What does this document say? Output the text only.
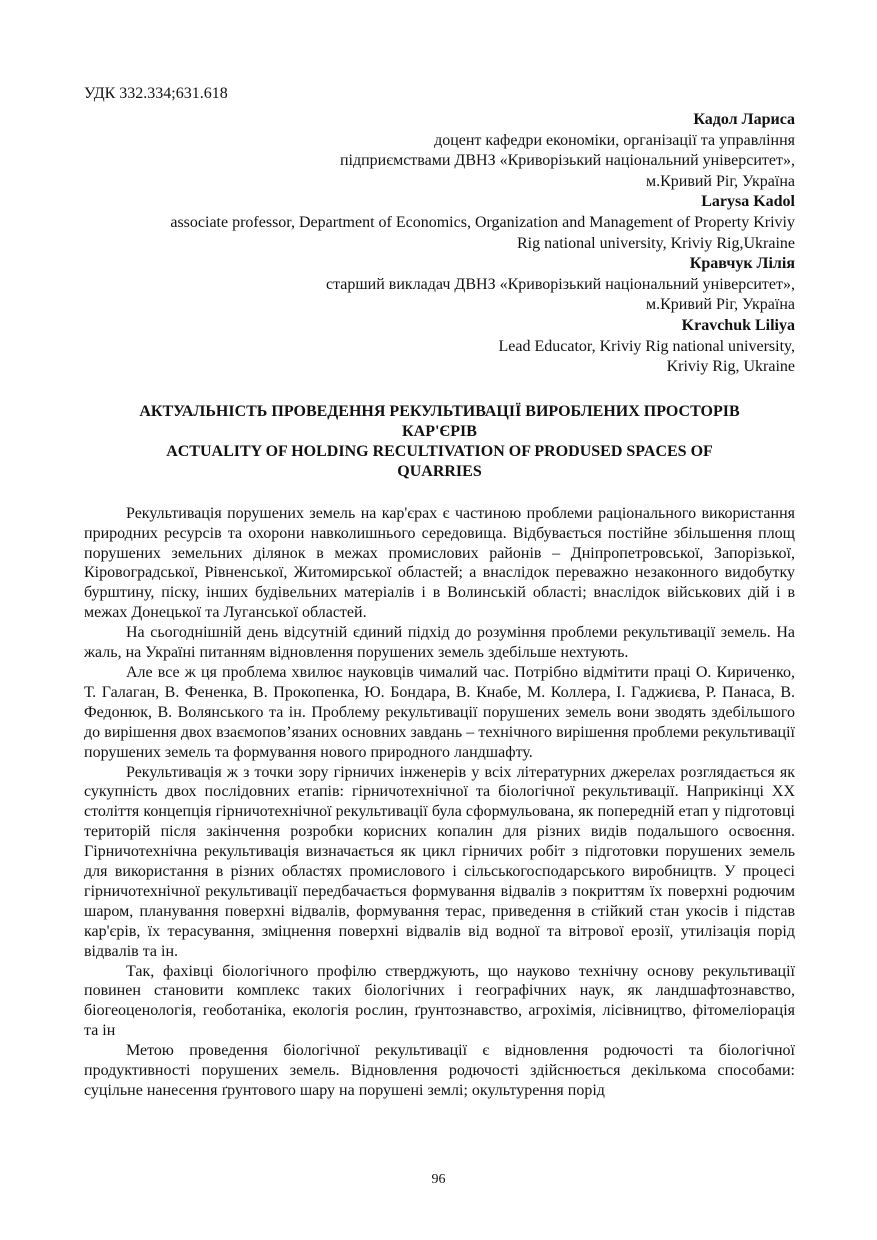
УДК 332.334;631.618
Кадол Лариса
доцент кафедри економіки, організації та управління
підприємствами ДВНЗ «Криворізький національний університет»,
м.Кривий Ріг, Україна
Larysa Kadol
associate professor, Department of Economics, Organization and Management of Property Kriviy
Rig national university, Kriviy Rig,Ukraine
Кравчук Лілія
старший викладач ДВНЗ «Криворізький національний університет»,
м.Кривий Ріг, Україна
Kravchuk Liliya
Lead Educator, Kriviy Rig national university,
Kriviy Rig, Ukraine
АКТУАЛЬНІСТЬ ПРОВЕДЕННЯ РЕКУЛЬТИВАЦІЇ ВИРОБЛЕНИХ ПРОСТОРІВ КАР'ЄРІВ
ACTUALITY OF HOLDING RECULTIVATION OF PRODUSED SPACES OF QUARRIES

Рекультивація порушених земель на кар'єрах є частиною проблеми раціонального використання природних ресурсів та охорони навколишнього середовища. Відбувається постійне збільшення площ порушених земельних ділянок в межах промислових районів – Дніпропетровської, Запорізької, Кіровоградської, Рівненської, Житомирської областей; а внаслідок переважно незаконного видобутку бурштину, піску, інших будівельних матеріалів і в Волинській області; внаслідок військових дій і в межах Донецької та Луганської областей.

На сьогоднішній день відсутній єдиний підхід до розуміння проблеми рекультивації земель. На жаль, на Україні питанням відновлення порушених земель здебільше нехтують.

Але все ж ця проблема хвилює науковців чималий час. Потрібно відмітити праці О. Кириченко, Т. Галаган, В. Фененка, В. Прокопенка, Ю. Бондара, В. Кнабе, М. Коллера, І. Гаджиєва, Р. Панаса, В. Федонюк, В. Волянського та ін. Проблему рекультивації порушених земель вони зводять здебільшого до вирішення двох взаємопов’язаних основних завдань – технічного вирішення проблеми рекультивації порушених земель та формування нового природного ландшафту.

Рекультивація ж з точки зору гірничих інженерів у всіх літературних джерелах розглядається як сукупність двох послідовних етапів: гірничотехнічної та біологічної рекультивації. Наприкінці ХХ століття концепція гірничотехнічної рекультивації була сформульована, як попередній етап у підготовці територій після закінчення розробки корисних копалин для різних видів подальшого освоєння. Гірничотехнічна рекультивація визначається як цикл гірничих робіт з підготовки порушених земель для використання в різних областях промислового і сільськогосподарського виробництв. У процесі гірничотехнічної рекультивації передбачається формування відвалів з покриттям їх поверхні родючим шаром, планування поверхні відвалів, формування терас, приведення в стійкий стан укосів і підстав кар'єрів, їх терасування, зміцнення поверхні відвалів від водної та вітрової ерозії, утилізація порід відвалів та ін.

Так, фахівці біологічного профілю стверджують, що науково технічну основу рекультивації повинен становити комплекс таких біологічних і географічних наук, як ландшафтознавство, біогеоценологія, геоботаніка, екологія рослин, ґрунтознавство, агрохімія, лісівництво, фітомеліорація та ін

Метою проведення біологічної рекультивації є відновлення родючості та біологічної продуктивності порушених земель. Відновлення родючості здійснюється декількома способами: суцільне нанесення ґрунтового шару на порушені землі; окультурення порід

96
